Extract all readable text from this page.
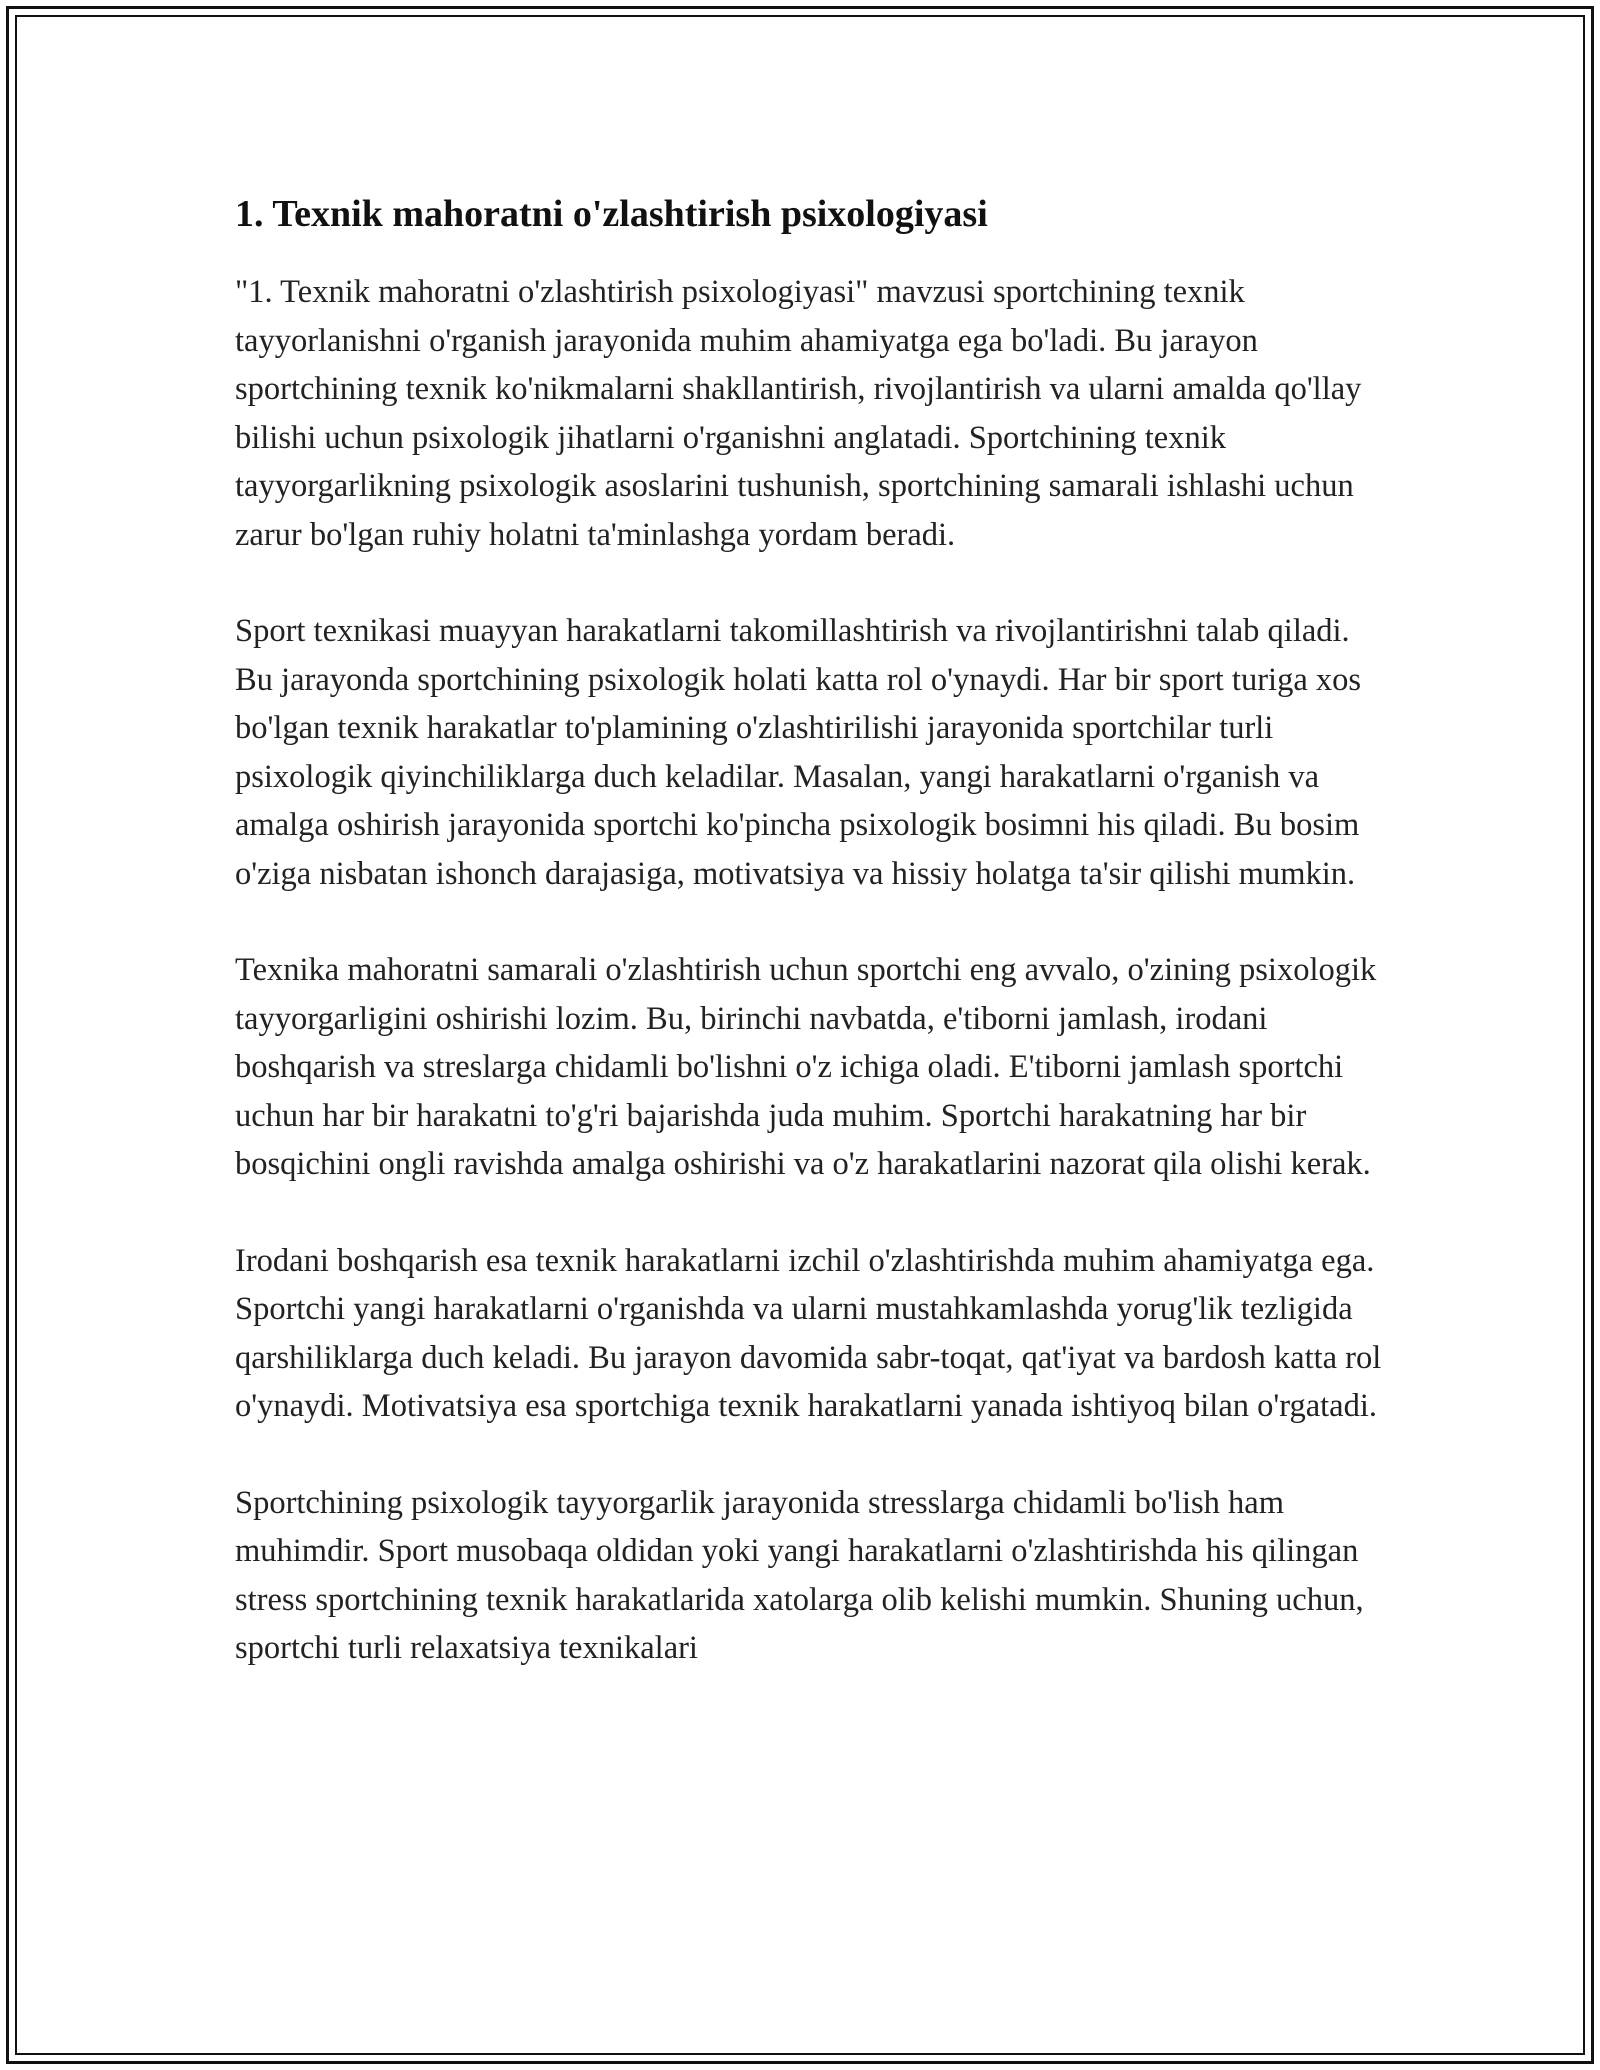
1. Texnik mahoratni o'zlashtirish psixologiyasi

"1. Texnik mahoratni o'zlashtirish psixologiyasi" mavzusi sportchining texnik tayyorlanishni o'rganish jarayonida muhim ahamiyatga ega bo'ladi. Bu jarayon sportchining texnik ko'nikmalarni shakllantirish, rivojlantirish va ularni amalda qo'llay bilishi uchun psixologik jihatlarni o'rganishni anglatadi. Sportchining texnik tayyorgarlikning psixologik asoslarini tushunish, sportchining samarali ishlashi uchun zarur bo'lgan ruhiy holatni ta'minlashga yordam beradi.

Sport texnikasi muayyan harakatlarni takomillashtirish va rivojlantirishni talab qiladi. Bu jarayonda sportchining psixologik holati katta rol o'ynaydi. Har bir sport turiga xos bo'lgan texnik harakatlar to'plamining o'zlashtirilishi jarayonida sportchilar turli psixologik qiyinchiliklarga duch keladilar. Masalan, yangi harakatlarni o'rganish va amalga oshirish jarayonida sportchi ko'pincha psixologik bosimni his qiladi. Bu bosim o'ziga nisbatan ishonch darajasiga, motivatsiya va hissiy holatga ta'sir qilishi mumkin.

Texnika mahoratni samarali o'zlashtirish uchun sportchi eng avvalo, o'zining psixologik tayyorgarligini oshirishi lozim. Bu, birinchi navbatda, e'tiborni jamlash, irodani boshqarish va streslarga chidamli bo'lishni o'z ichiga oladi. E'tiborni jamlash sportchi uchun har bir harakatni to'g'ri bajarishda juda muhim. Sportchi harakatning har bir bosqichini ongli ravishda amalga oshirishi va o'z harakatlarini nazorat qila olishi kerak.

Irodani boshqarish esa texnik harakatlarni izchil o'zlashtirishda muhim ahamiyatga ega. Sportchi yangi harakatlarni o'rganishda va ularni mustahkamlashda yorug'lik tezligida qarshiliklarga duch keladi. Bu jarayon davomida sabr-toqat, qat'iyat va bardosh katta rol o'ynaydi. Motivatsiya esa sportchiga texnik harakatlarni yanada ishtiyoq bilan o'rgatadi.

Sportchining psixologik tayyorgarlik jarayonida stresslarga chidamli bo'lish ham muhimdir. Sport musobaqa oldidan yoki yangi harakatlarni o'zlashtirishda his qilingan stress sportchining texnik harakatlarida xatolarga olib kelishi mumkin. Shuning uchun, sportchi turli relaxatsiya texnikalari
